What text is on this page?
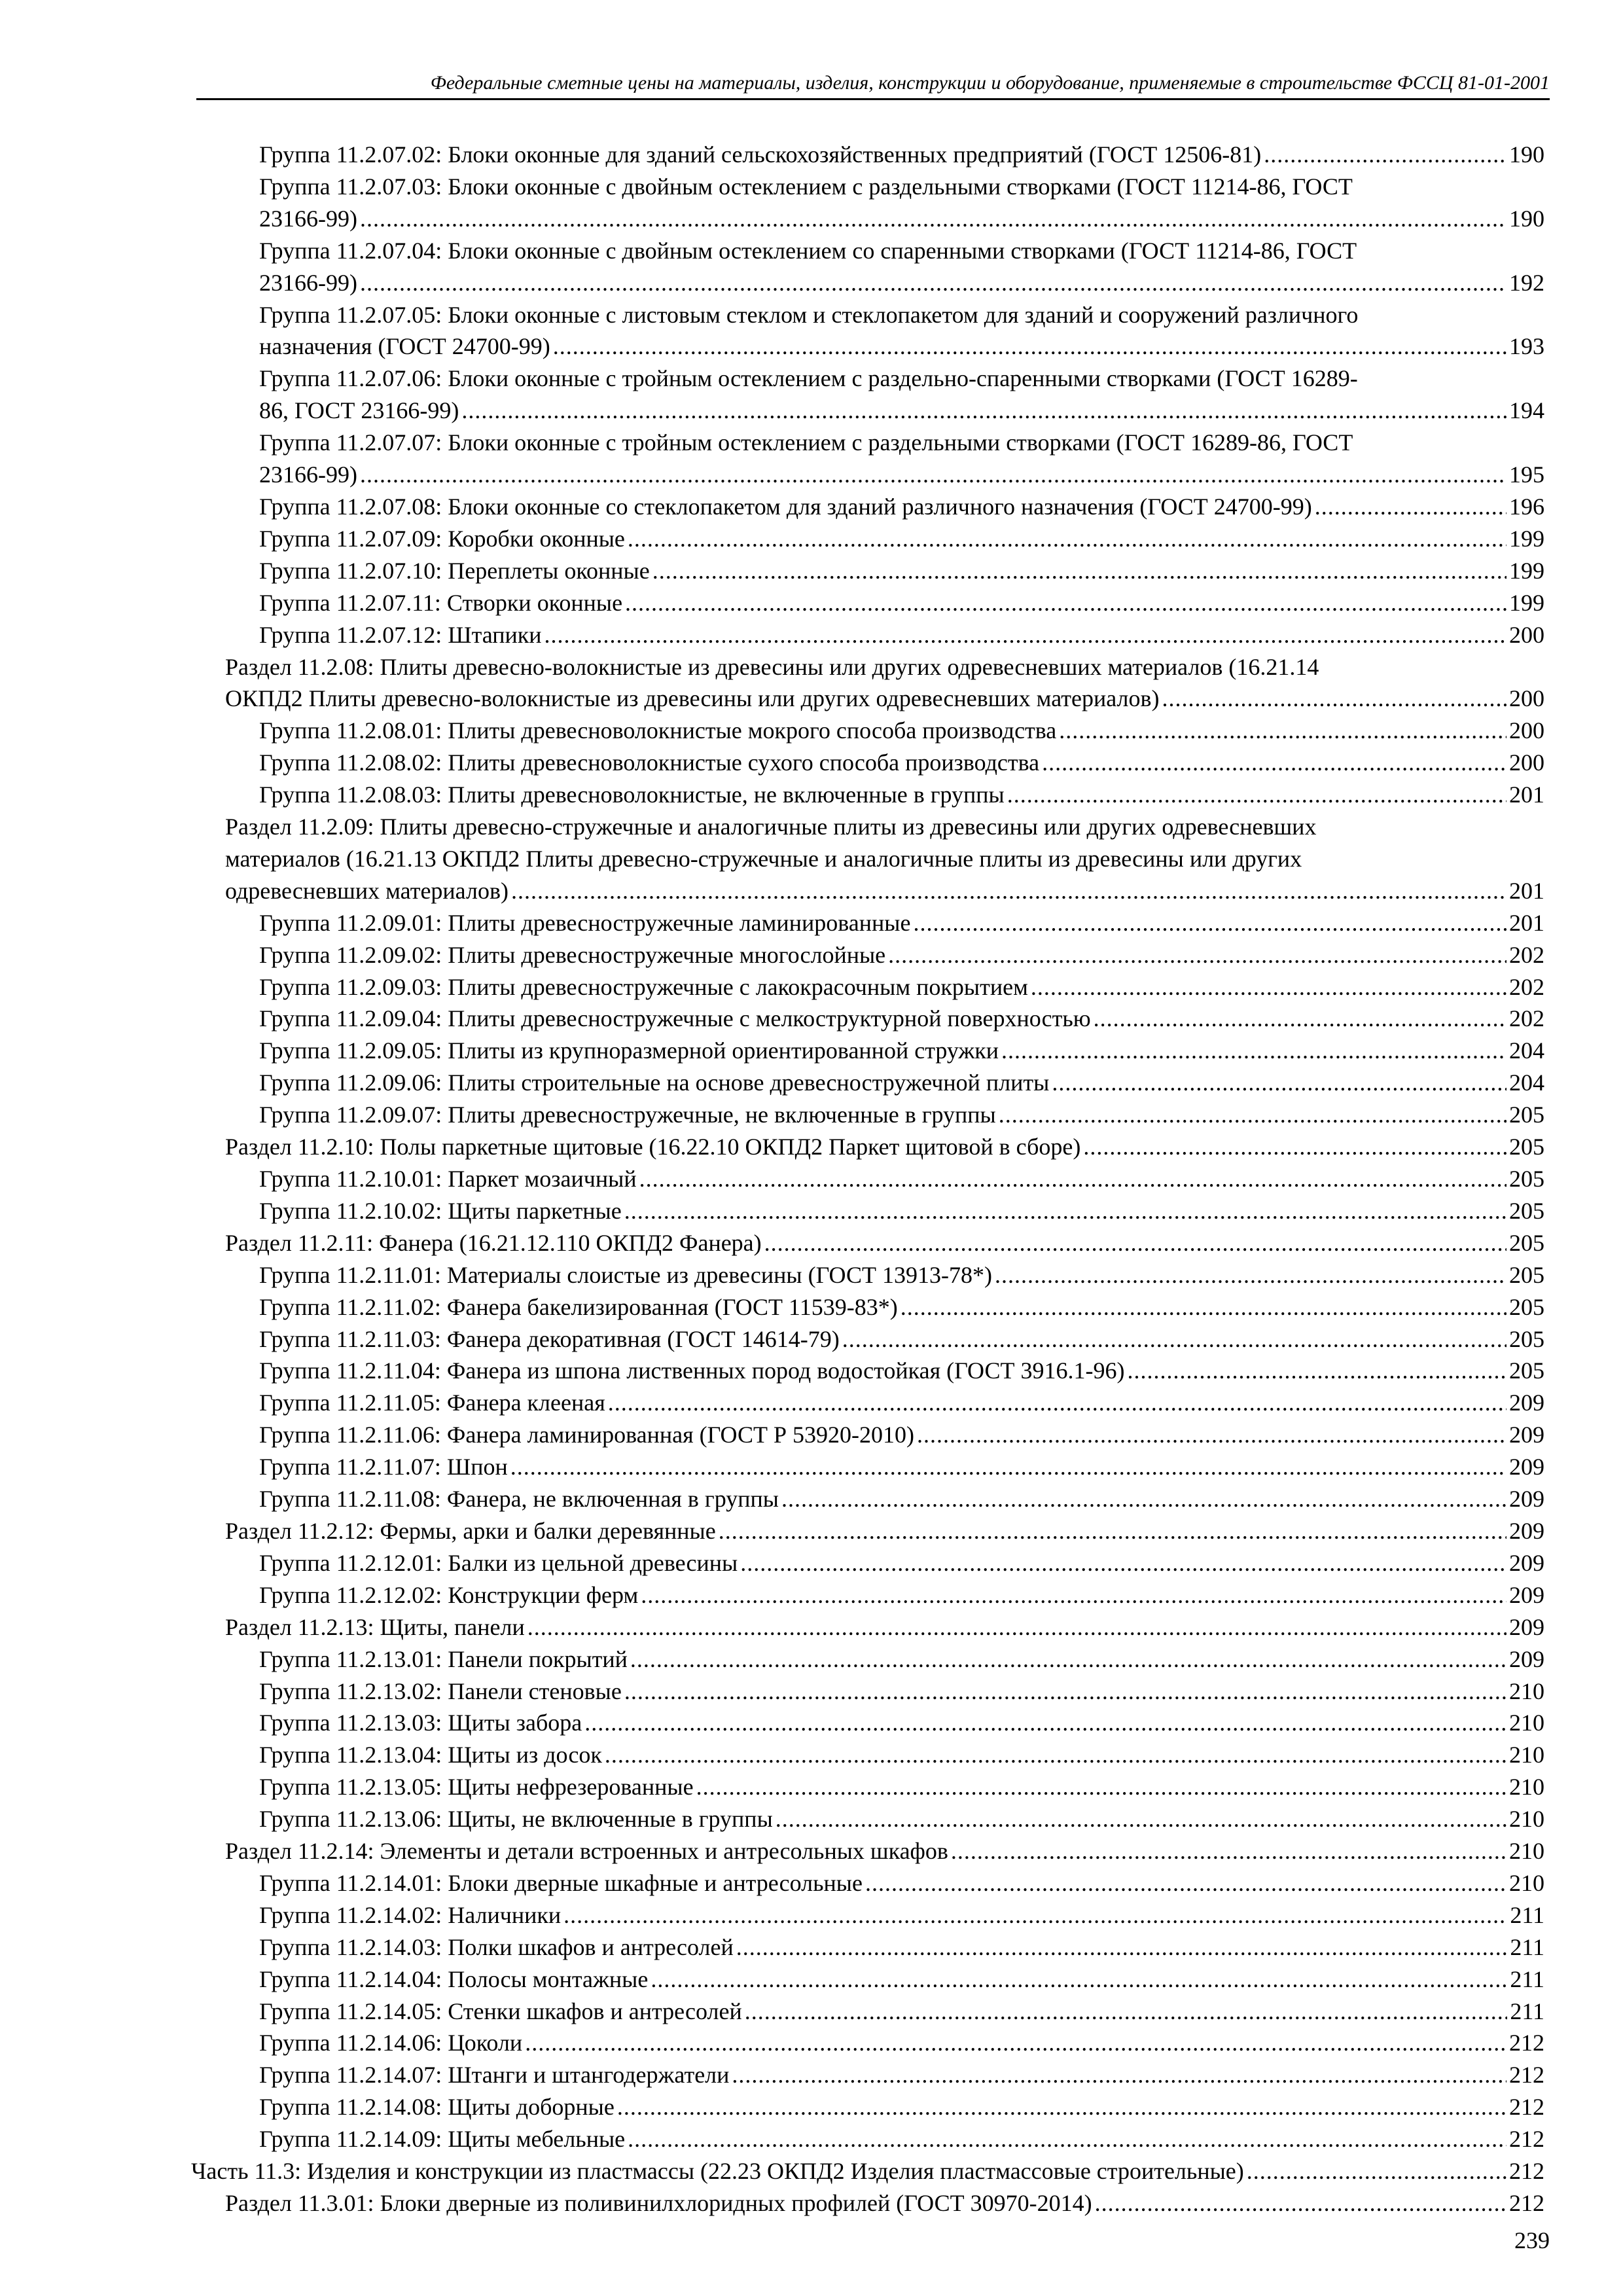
Федеральные сметные цены на материалы, изделия, конструкции и оборудование, применяемые в строительстве ФССЦ 81-01-2001
Группа 11.2.07.02: Блоки оконные для зданий сельскохозяйственных предприятий (ГОСТ 12506-81) .....	190
Группа 11.2.07.03: Блоки оконные с двойным остеклением с раздельными створками (ГОСТ 11214-86, ГОСТ
23166-99) .....	190
Группа 11.2.07.04: Блоки оконные с двойным остеклением со спаренными створками (ГОСТ 11214-86, ГОСТ
23166-99) .....	192
Группа 11.2.07.05: Блоки оконные с листовым стеклом и стеклопакетом для зданий и сооружений различного
назначения (ГОСТ 24700-99) .....	193
Группа 11.2.07.06: Блоки оконные с тройным остеклением с раздельно-спаренными створками (ГОСТ 16289-
86, ГОСТ 23166-99) .....	194
Группа 11.2.07.07: Блоки оконные с тройным остеклением с раздельными створками (ГОСТ 16289-86, ГОСТ
23166-99) .....	195
Группа 11.2.07.08: Блоки оконные со стеклопакетом для зданий различного назначения (ГОСТ 24700-99) .....	196
Группа 11.2.07.09: Коробки оконные .....	199
Группа 11.2.07.10: Переплеты оконные .....	199
Группа 11.2.07.11: Створки оконные .....	199
Группа 11.2.07.12: Штапики .....	200
Раздел 11.2.08: Плиты древесно-волокнистые из древесины или других одревесневших материалов (16.21.14
ОКПД2 Плиты древесно-волокнистые из древесины или других одревесневших материалов) .....	200
Группа 11.2.08.01: Плиты древесноволокнистые мокрого способа производства .....	200
Группа 11.2.08.02: Плиты древесноволокнистые сухого способа производства .....	200
Группа 11.2.08.03: Плиты древесноволокнистые, не включенные в группы .....	201
Раздел 11.2.09: Плиты древесно-стружечные и аналогичные плиты из древесины или других одревесневших
материалов (16.21.13 ОКПД2 Плиты древесно-стружечные и аналогичные плиты из древесины или других
одревесневших материалов) .....	201
Группа 11.2.09.01: Плиты древесностружечные ламинированные .....	201
Группа 11.2.09.02: Плиты древесностружечные многослойные .....	202
Группа 11.2.09.03: Плиты древесностружечные с лакокрасочным покрытием .....	202
Группа 11.2.09.04: Плиты древесностружечные с мелкоструктурной поверхностью .....	202
Группа 11.2.09.05: Плиты из крупноразмерной ориентированной стружки .....	204
Группа 11.2.09.06: Плиты строительные на основе древесностружечной плиты .....	204
Группа 11.2.09.07: Плиты древесностружечные, не включенные в группы .....	205
Раздел 11.2.10: Полы паркетные щитовые (16.22.10 ОКПД2 Паркет щитовой в сборе) .....	205
Группа 11.2.10.01: Паркет мозаичный .....	205
Группа 11.2.10.02: Щиты паркетные .....	205
Раздел 11.2.11: Фанера (16.21.12.110 ОКПД2 Фанера) .....	205
Группа 11.2.11.01: Материалы слоистые из древесины (ГОСТ 13913-78*) .....	205
Группа 11.2.11.02: Фанера бакелизированная (ГОСТ 11539-83*) .....	205
Группа 11.2.11.03: Фанера декоративная (ГОСТ 14614-79) .....	205
Группа 11.2.11.04: Фанера из шпона лиственных пород водостойкая (ГОСТ 3916.1-96) .....	205
Группа 11.2.11.05: Фанера клееная .....	209
Группа 11.2.11.06: Фанера ламинированная (ГОСТ Р 53920-2010) .....	209
Группа 11.2.11.07: Шпон .....	209
Группа 11.2.11.08: Фанера, не включенная в группы .....	209
Раздел 11.2.12: Фермы, арки и балки деревянные .....	209
Группа 11.2.12.01: Балки из цельной древесины .....	209
Группа 11.2.12.02: Конструкции ферм .....	209
Раздел 11.2.13: Щиты, панели .....	209
Группа 11.2.13.01: Панели покрытий .....	209
Группа 11.2.13.02: Панели стеновые .....	210
Группа 11.2.13.03: Щиты забора .....	210
Группа 11.2.13.04: Щиты из досок .....	210
Группа 11.2.13.05: Щиты нефрезерованные .....	210
Группа 11.2.13.06: Щиты, не включенные в группы .....	210
Раздел 11.2.14: Элементы и детали встроенных и антресольных шкафов .....	210
Группа 11.2.14.01: Блоки дверные шкафные и антресольные .....	210
Группа 11.2.14.02: Наличники .....	211
Группа 11.2.14.03: Полки шкафов и антресолей .....	211
Группа 11.2.14.04: Полосы монтажные .....	211
Группа 11.2.14.05: Стенки шкафов и антресолей .....	211
Группа 11.2.14.06: Цоколи .....	212
Группа 11.2.14.07: Штанги и штангодержатели .....	212
Группа 11.2.14.08: Щиты доборные .....	212
Группа 11.2.14.09: Щиты мебельные .....	212
Часть 11.3: Изделия и конструкции из пластмассы (22.23 ОКПД2 Изделия пластмассовые строительные) .....	212
Раздел 11.3.01: Блоки дверные из поливинилхлоридных профилей (ГОСТ 30970-2014) .....	212
239
